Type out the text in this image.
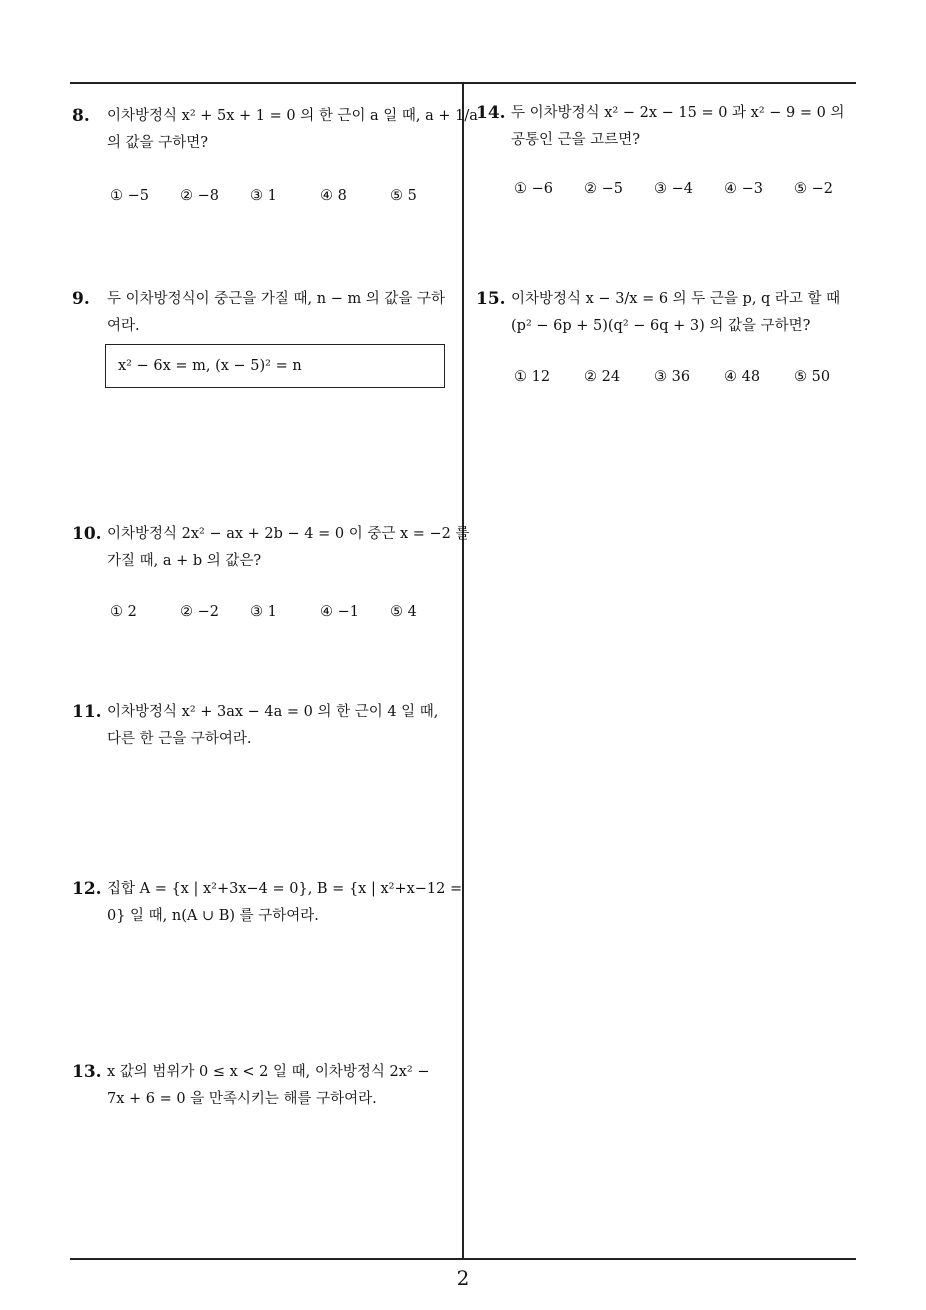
8. 이차방정식 x² + 5x + 1 = 0 의 한 근이 a 일 때, a + 1/a
의 값을 구하면?
① −5 ② −8 ③ 1	④ 8	⑤ 5
9. 두 이차방정식이 중근을 가질 때, n − m 의 값을 구하
여라.
x² − 6x = m, (x − 5)² = n
10. 이차방정식 2x² − ax + 2b − 4 = 0 이 중근 x = −2 를
가질 때, a + b 의 값은?
① 2	② −2 ③ 1	④ −1 ⑤ 4
11. 이차방정식 x² + 3ax − 4a = 0 의 한 근이 4 일 때,
다른 한 근을 구하여라.
12. 집합 A = {x | x²+3x−4 = 0}, B = {x | x²+x−12 =
0} 일 때, n(A ∪ B) 를 구하여라.
13. x 값의 범위가 0 ≤ x < 2 일 때, 이차방정식 2x² −
7x + 6 = 0 을 만족시키는 해를 구하여라.
14. 두 이차방정식 x² − 2x − 15 = 0 과 x² − 9 = 0 의
공통인 근을 고르면?
① −6 ② −5 ③ −4 ④ −3 ⑤ −2
15. 이차방정식 x − 3/x = 6 의 두 근을 p, q 라고 할 때
(p² − 6p + 5)(q² − 6q + 3) 의 값을 구하면?
① 12 ② 24 ③ 36 ④ 48 ⑤ 50
2
